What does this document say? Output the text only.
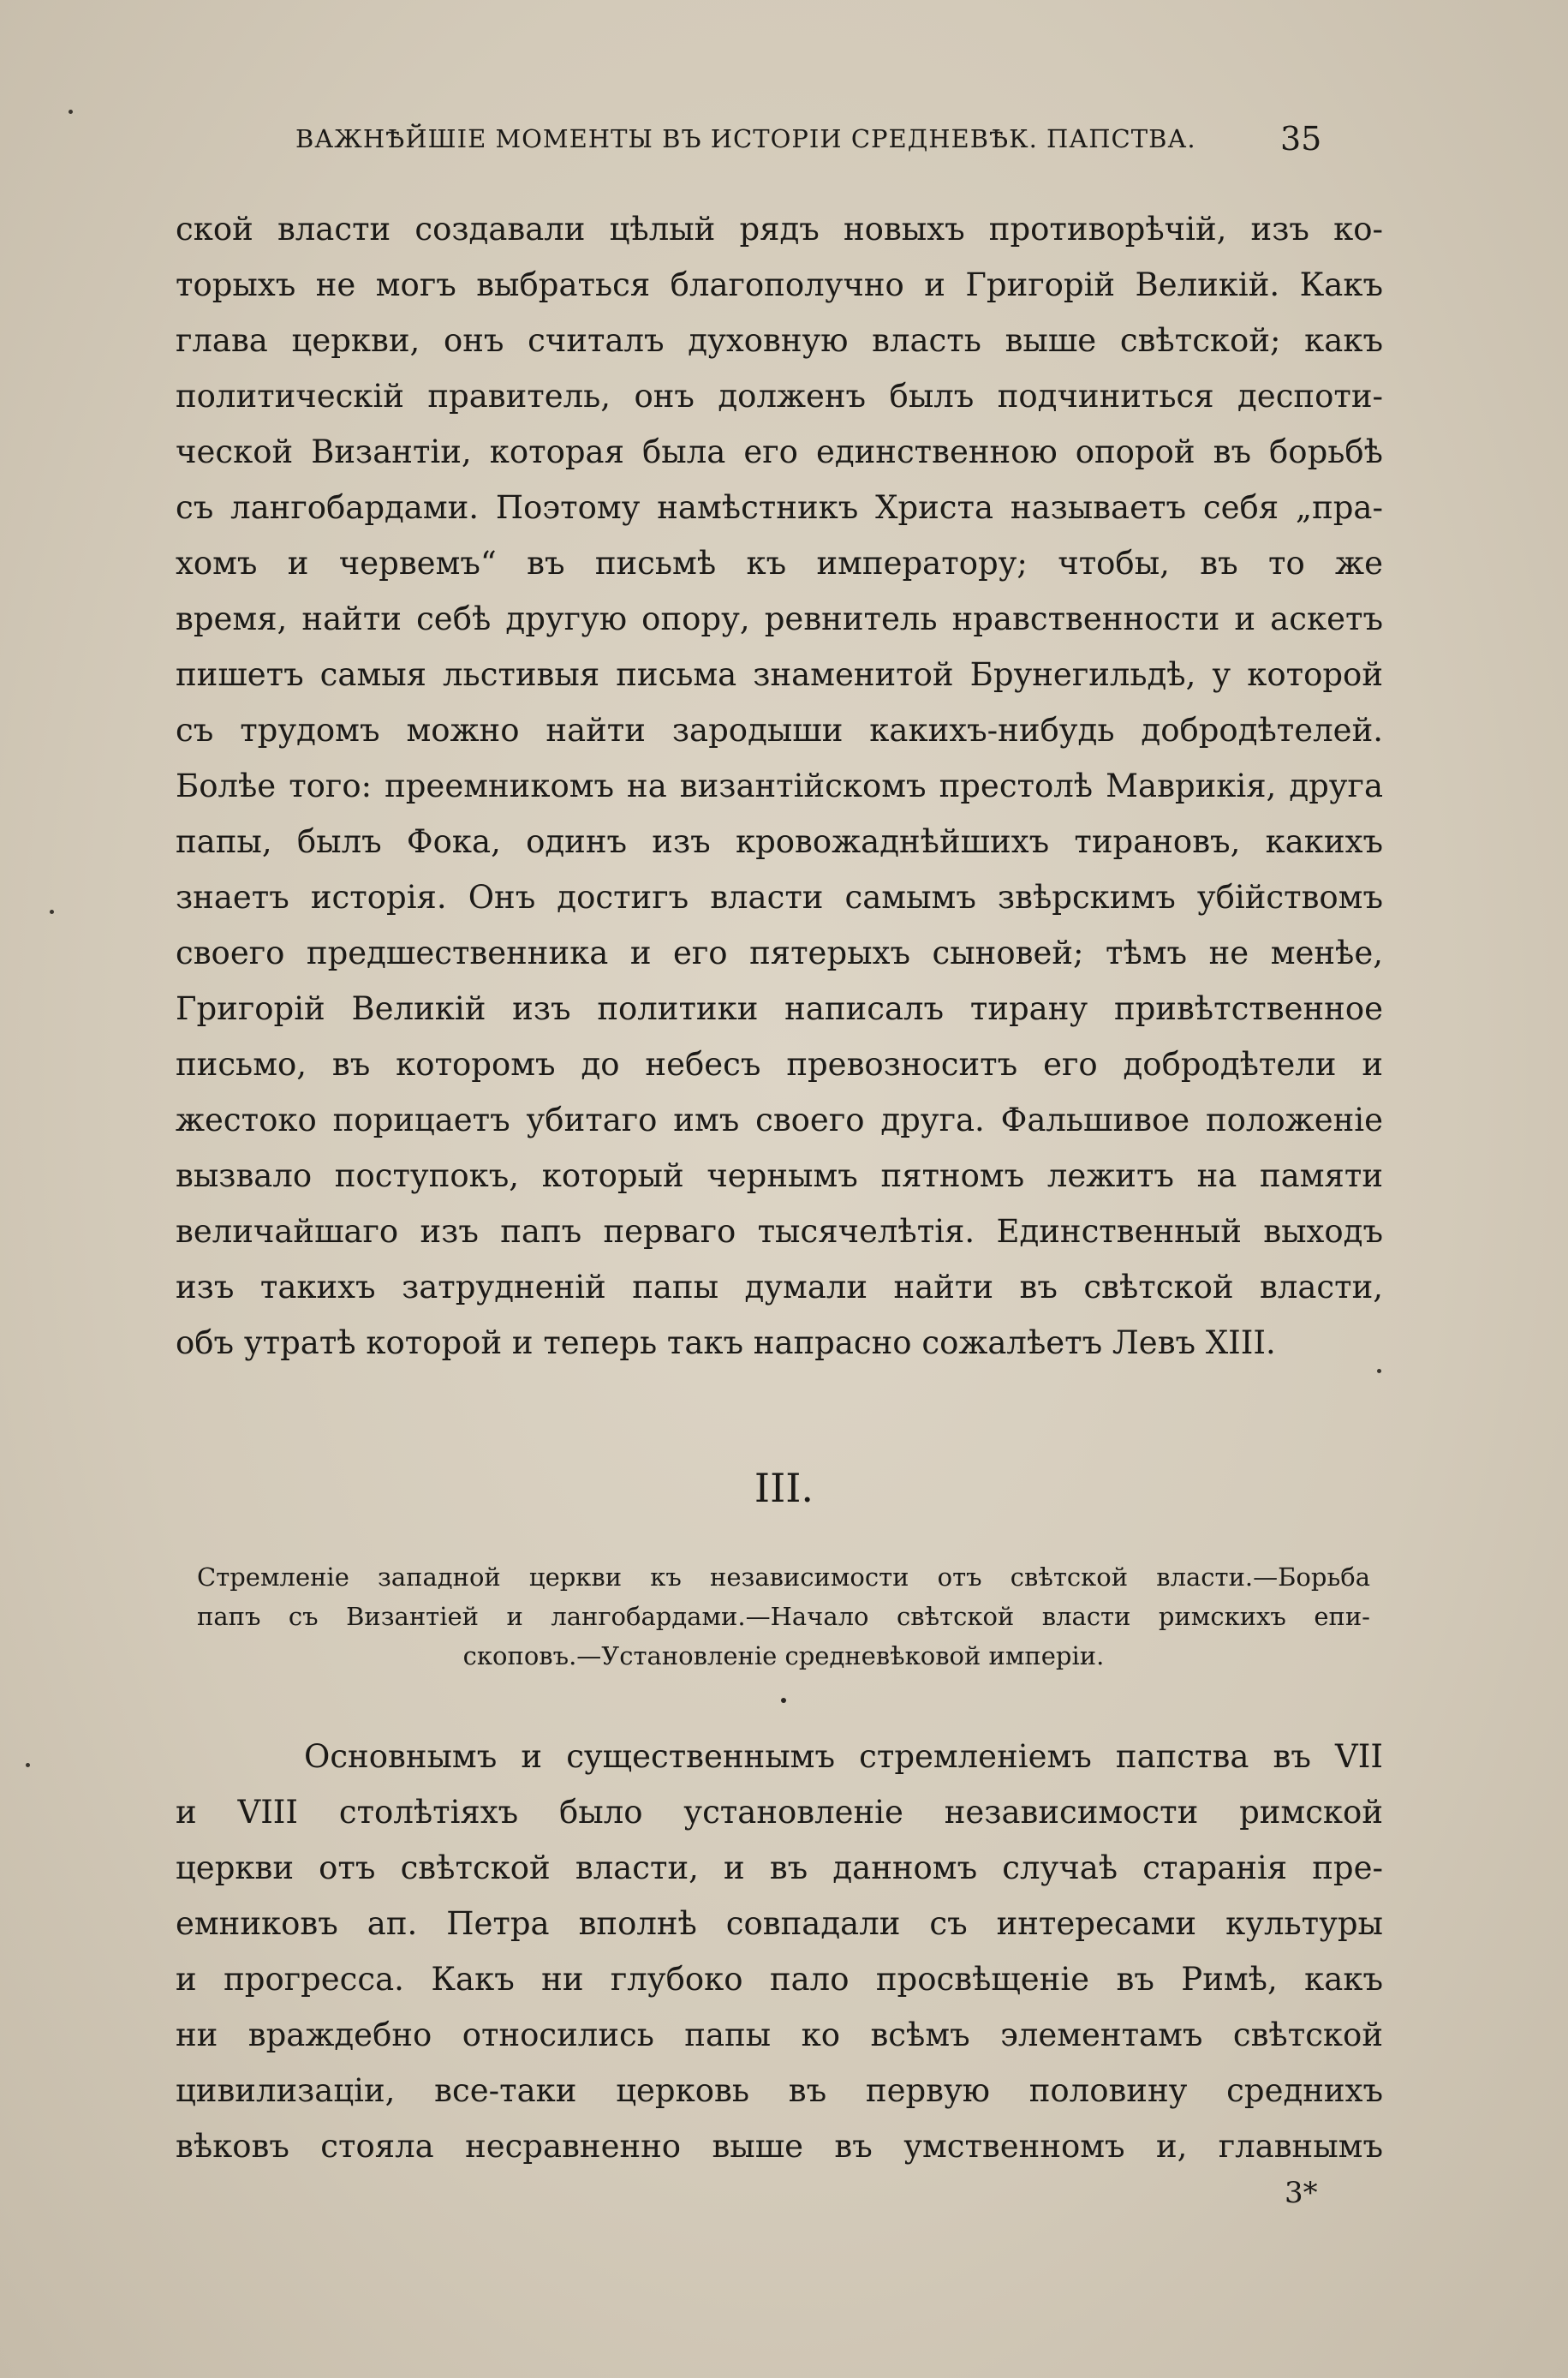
ВАЖНѢЙШІЕ МОМЕНТЫ ВЪ ИСТОРІИ СРЕДНЕВѢК. ПАПСТВА.	35
ской власти создавали цѣлый рядъ новыхъ противорѣчій, изъ ко-
торыхъ не могъ выбраться благополучно и Григорій Великій. Какъ
глава церкви, онъ считалъ духовную власть выше свѣтской; какъ
политическій правитель, онъ долженъ былъ подчиниться деспоти-
ческой Византіи, которая была его единственною опорой въ борьбѣ
съ лангобардами. Поэтому намѣстникъ Христа называетъ себя „пра-
хомъ и червемъ“ въ письмѣ къ императору; чтобы, въ то же
время, найти себѣ другую опору, ревнитель нравственности и аскетъ
пишетъ самыя льстивыя письма знаменитой Брунегильдѣ, у которой
съ трудомъ можно найти зародыши какихъ-нибудь добродѣтелей.
Болѣе того: преемникомъ на византійскомъ престолѣ Маврикія, друга
папы, былъ Фока, одинъ изъ кровожаднѣйшихъ тирановъ, какихъ
знаетъ исторія. Онъ достигъ власти самымъ звѣрскимъ убійствомъ
своего предшественника и его пятерыхъ сыновей; тѣмъ не менѣе,
Григорій Великій изъ политики написалъ тирану привѣтственное
письмо, въ которомъ до небесъ превозноситъ его добродѣтели и
жестоко порицаетъ убитаго имъ своего друга. Фальшивое положеніе
вызвало поступокъ, который чернымъ пятномъ лежитъ на памяти
величайшаго изъ папъ перваго тысячелѣтія. Единственный выходъ
изъ такихъ затрудненій папы думали найти въ свѣтской власти,
объ утратѣ которой и теперь такъ напрасно сожалѣетъ Левъ XIII.
III.
Стремленіе западной церкви къ независимости отъ свѣтской власти.—Борьба
папъ съ Византіей и лангобардами.—Начало свѣтской власти римскихъ епи-
скоповъ.—Установленіе средневѣковой имперіи.
Основнымъ и существеннымъ стремленіемъ папства въ VII
и VIII столѣтіяхъ было установленіе независимости римской
церкви отъ свѣтской власти, и въ данномъ случаѣ старанія пре-
емниковъ ап. Петра вполнѣ совпадали съ интересами культуры
и прогресса. Какъ ни глубоко пало просвѣщеніе въ Римѣ, какъ
ни враждебно относились папы ко всѣмъ элементамъ свѣтской
цивилизаціи, все-таки церковь въ первую половину среднихъ
вѣковъ стояла несравненно выше въ умственномъ и, главнымъ
3*
